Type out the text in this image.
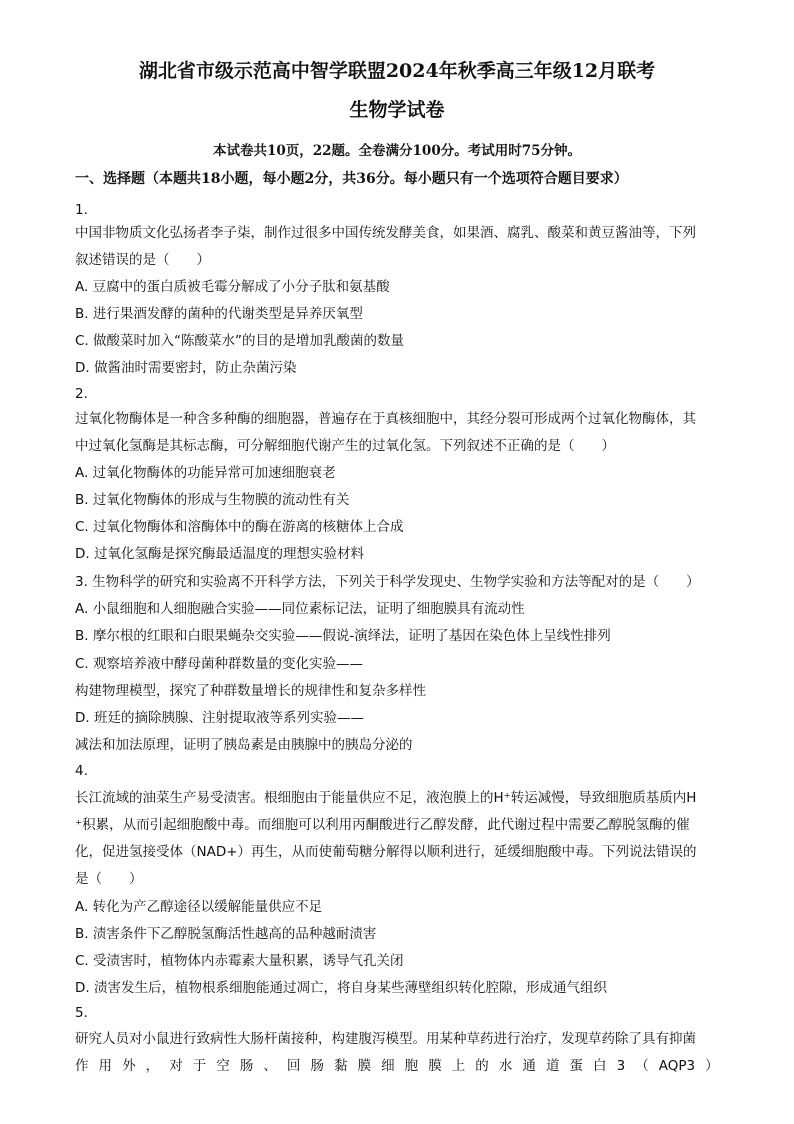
湖北省市级示范高中智学联盟2024年秋季高三年级12月联考
生物学试卷
本试卷共10页，22题。全卷满分100分。考试用时75分钟。
一、选择题（本题共18小题，每小题2分，共36分。每小题只有一个选项符合题目要求）
1.
中国非物质文化弘扬者李子柒，制作过很多中国传统发酵美食，如果酒、腐乳、酸菜和黄豆酱油等，下列
叙述错误的是（　　）
A. 豆腐中的蛋白质被毛霉分解成了小分子肽和氨基酸
B. 进行果酒发酵的菌种的代谢类型是异养厌氧型
C. 做酸菜时加入“陈酸菜水”的目的是增加乳酸菌的数量
D. 做酱油时需要密封，防止杂菌污染
2.
过氧化物酶体是一种含多种酶的细胞器，普遍存在于真核细胞中，其经分裂可形成两个过氧化物酶体，其
中过氧化氢酶是其标志酶，可分解细胞代谢产生的过氧化氢。下列叙述不正确的是（　　）
A. 过氧化物酶体的功能异常可加速细胞衰老
B. 过氧化物酶体的形成与生物膜的流动性有关
C. 过氧化物酶体和溶酶体中的酶在游离的核糖体上合成
D. 过氧化氢酶是探究酶最适温度的理想实验材料
3. 生物科学的研究和实验离不开科学方法，下列关于科学发现史、生物学实验和方法等配对的是（　　）
A. 小鼠细胞和人细胞融合实验——同位素标记法，证明了细胞膜具有流动性
B. 摩尔根的红眼和白眼果蝇杂交实验——假说-演绎法，证明了基因在染色体上呈线性排列
C. 观察培养液中酵母菌种群数量的变化实验——
构建物理模型，探究了种群数量增长的规律性和复杂多样性
D. 班廷的摘除胰腺、注射提取液等系列实验——
减法和加法原理，证明了胰岛素是由胰腺中的胰岛分泌的
4.
长江流域的油菜生产易受渍害。根细胞由于能量供应不足，液泡膜上的H⁺转运减慢，导致细胞质基质内H
⁺积累，从而引起细胞酸中毒。而细胞可以利用丙酮酸进行乙醇发酵，此代谢过程中需要乙醇脱氢酶的催
化，促进氢接受体（NAD+）再生，从而使葡萄糖分解得以顺利进行，延缓细胞酸中毒。下列说法错误的
是（　　）
A. 转化为产乙醇途径以缓解能量供应不足
B. 渍害条件下乙醇脱氢酶活性越高的品种越耐渍害
C. 受渍害时，植物体内赤霉素大量积累，诱导气孔关闭
D. 渍害发生后，植物根系细胞能通过凋亡，将自身某些薄壁组织转化腔隙，形成通气组织
5.
研究人员对小鼠进行致病性大肠杆菌接种，构建腹泻模型。用某种草药进行治疗，发现草药除了具有抑菌
作 用 外 ， 对 于 空 肠 、 回 肠 黏 膜 细 胞 膜 上 的 水 通 道 蛋 白 3 （ AQP3 ）
